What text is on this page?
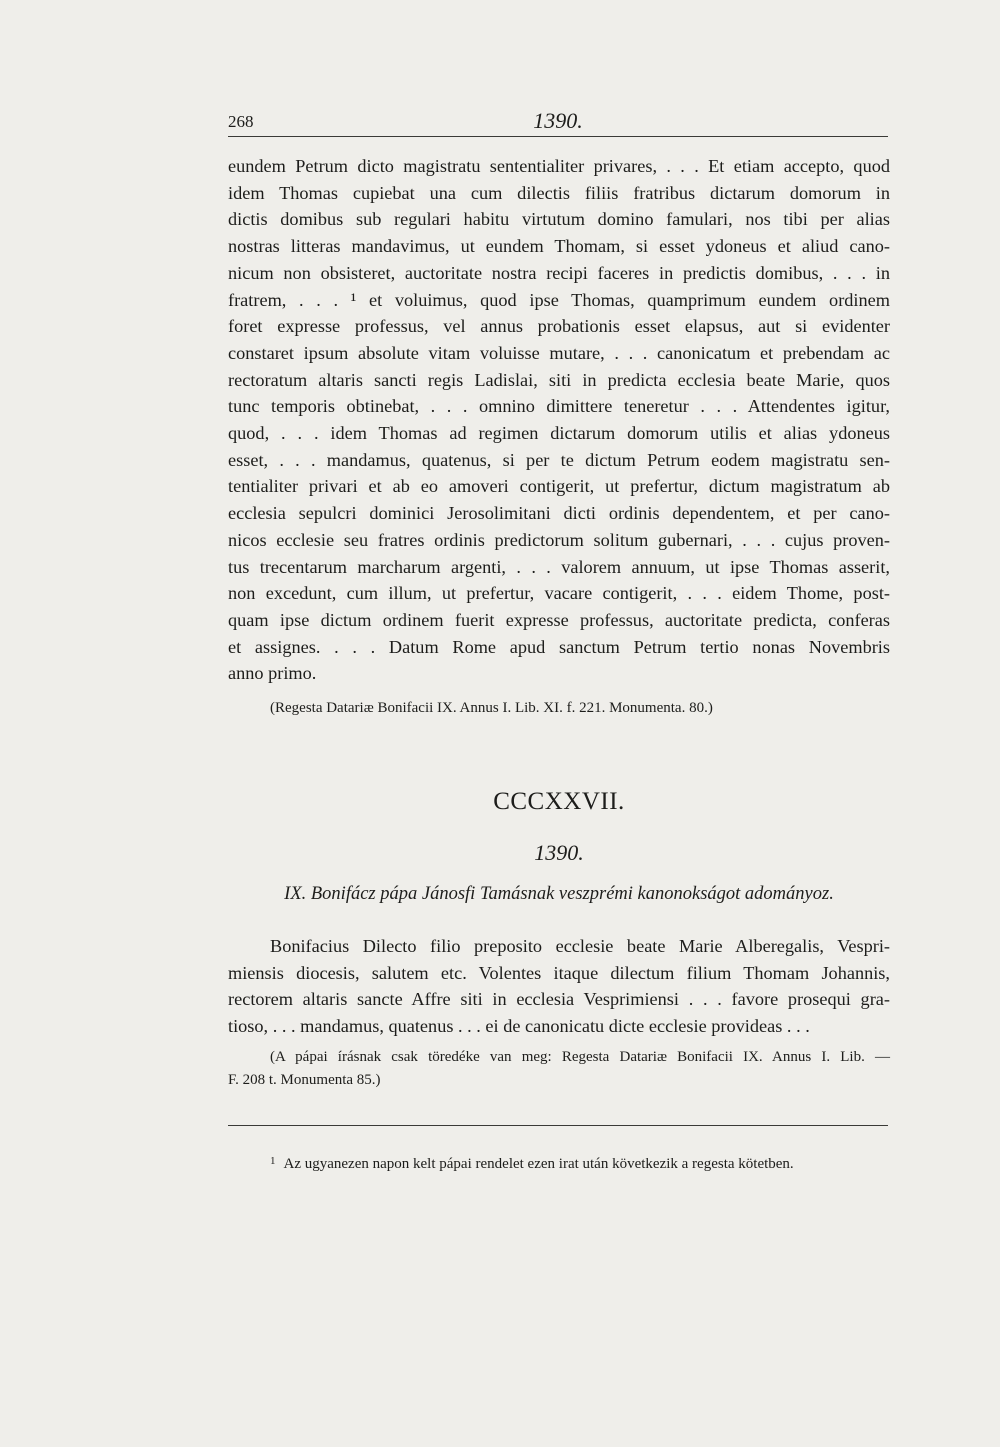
268	1390.
eundem Petrum dicto magistratu sententialiter privares, . . . Et etiam accepto, quod
idem Thomas cupiebat una cum dilectis filiis fratribus dictarum domorum in
dictis domibus sub regulari habitu virtutum domino famulari, nos tibi per alias
nostras litteras mandavimus, ut eundem Thomam, si esset ydoneus et aliud cano-
nicum non obsisteret, auctoritate nostra recipi faceres in predictis domibus, . . . in
fratrem, . . . ¹ et voluimus, quod ipse Thomas, quamprimum eundem ordinem
foret expresse professus, vel annus probationis esset elapsus, aut si evidenter
constaret ipsum absolute vitam voluisse mutare, . . . canonicatum et prebendam ac
rectoratum altaris sancti regis Ladislai, siti in predicta ecclesia beate Marie, quos
tunc temporis obtinebat, . . . omnino dimittere teneretur . . . Attendentes igitur,
quod, . . . idem Thomas ad regimen dictarum domorum utilis et alias ydoneus
esset, . . . mandamus, quatenus, si per te dictum Petrum eodem magistratu sen-
tentialiter privari et ab eo amoveri contigerit, ut prefertur, dictum magistratum ab
ecclesia sepulcri dominici Jerosolimitani dicti ordinis dependentem, et per cano-
nicos ecclesie seu fratres ordinis predictorum solitum gubernari, . . . cujus proven-
tus trecentarum marcharum argenti, . . . valorem annuum, ut ipse Thomas asserit,
non excedunt, cum illum, ut prefertur, vacare contigerit, . . . eidem Thome, post-
quam ipse dictum ordinem fuerit expresse professus, auctoritate predicta, conferas
et assignes. . . . Datum Rome apud sanctum Petrum tertio nonas Novembris
anno primo.
(Regesta Datariæ Bonifacii IX. Annus I. Lib. XI. f. 221. Monumenta. 80.)
CCCXXVII.
1390.
IX. Bonifácz pápa Jánosfi Tamásnak veszprémi kanonokságot adományoz.
Bonifacius Dilecto filio preposito ecclesie beate Marie Alberegalis, Vespri-
miensis diocesis, salutem etc. Volentes itaque dilectum filium Thomam Johannis,
rectorem altaris sancte Affre siti in ecclesia Vesprimiensi . . . favore prosequi gra-
tioso, . . . mandamus, quatenus . . . ei de canonicatu dicte ecclesie provideas . . .
(A pápai írásnak csak töredéke van meg: Regesta Datariæ Bonifacii IX. Annus I. Lib. —
F. 208 t. Monumenta 85.)
$^1$ Az ugyanezen napon kelt pápai rendelet ezen irat után következik a regesta kötetben.
